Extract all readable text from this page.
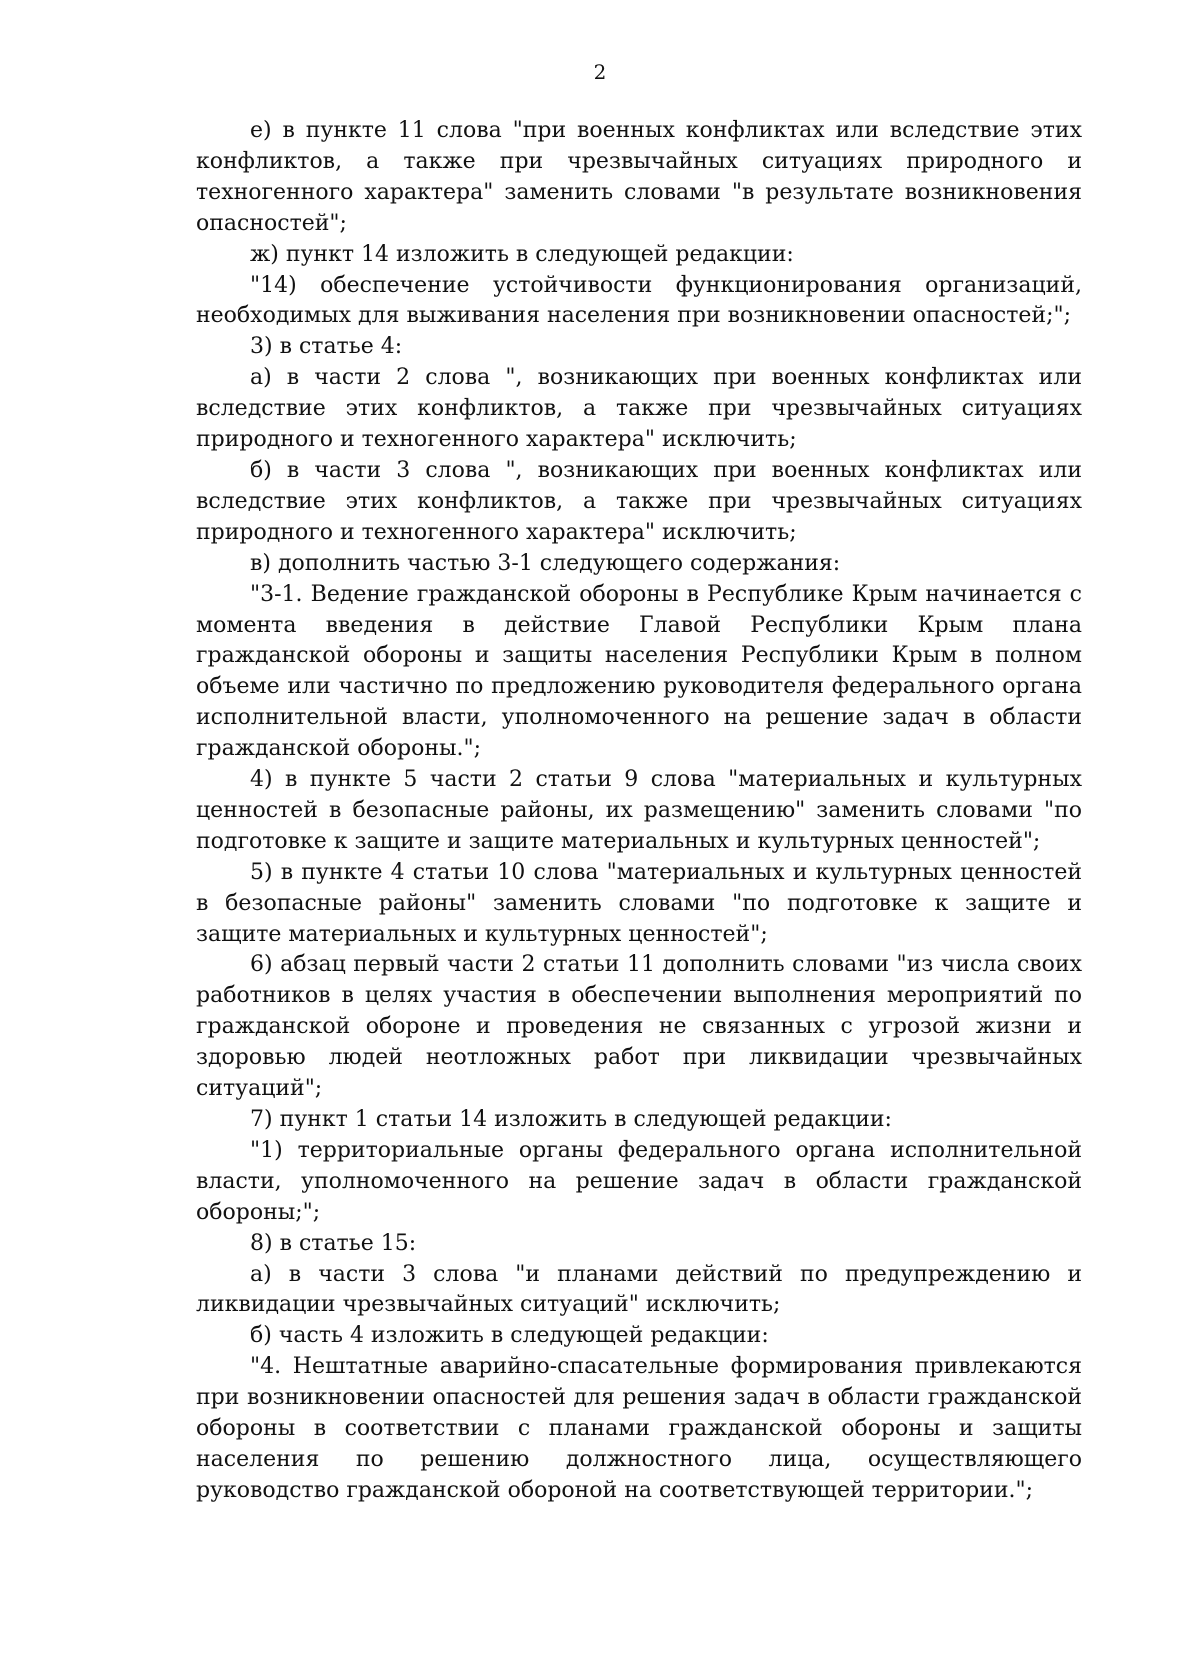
2

е) в пункте 11 слова "при военных конфликтах или вследствие этих конфликтов, а также при чрезвычайных ситуациях природного и техногенного характера" заменить словами "в результате возникновения опасностей";

ж) пункт 14 изложить в следующей редакции:

"14) обеспечение устойчивости функционирования организаций, необходимых для выживания населения при возникновении опасностей;";

3) в статье 4:

а) в части 2 слова ", возникающих при военных конфликтах или вследствие этих конфликтов, а также при чрезвычайных ситуациях природного и техногенного характера" исключить;

б) в части 3 слова ", возникающих при военных конфликтах или вследствие этих конфликтов, а также при чрезвычайных ситуациях природного и техногенного характера" исключить;

в) дополнить частью 3-1 следующего содержания:

"3-1. Ведение гражданской обороны в Республике Крым начинается с момента введения в действие Главой Республики Крым плана гражданской обороны и защиты населения Республики Крым в полном объеме или частично по предложению руководителя федерального органа исполнительной власти, уполномоченного на решение задач в области гражданской обороны.";

4) в пункте 5 части 2 статьи 9 слова "материальных и культурных ценностей в безопасные районы, их размещению" заменить словами "по подготовке к защите и защите материальных и культурных ценностей";

5) в пункте 4 статьи 10 слова "материальных и культурных ценностей в безопасные районы" заменить словами "по подготовке к защите и защите материальных и культурных ценностей";

6) абзац первый части 2 статьи 11 дополнить словами "из числа своих работников в целях участия в обеспечении выполнения мероприятий по гражданской обороне и проведения не связанных с угрозой жизни и здоровью людей неотложных работ при ликвидации чрезвычайных ситуаций";

7) пункт 1 статьи 14 изложить в следующей редакции:

"1) территориальные органы федерального органа исполнительной власти, уполномоченного на решение задач в области гражданской обороны;";

8) в статье 15:

а) в части 3 слова "и планами действий по предупреждению и ликвидации чрезвычайных ситуаций" исключить;

б) часть 4 изложить в следующей редакции:

"4. Нештатные аварийно-спасательные формирования привлекаются при возникновении опасностей для решения задач в области гражданской обороны в соответствии с планами гражданской обороны и защиты населения по решению должностного лица, осуществляющего руководство гражданской обороной на соответствующей территории.";
